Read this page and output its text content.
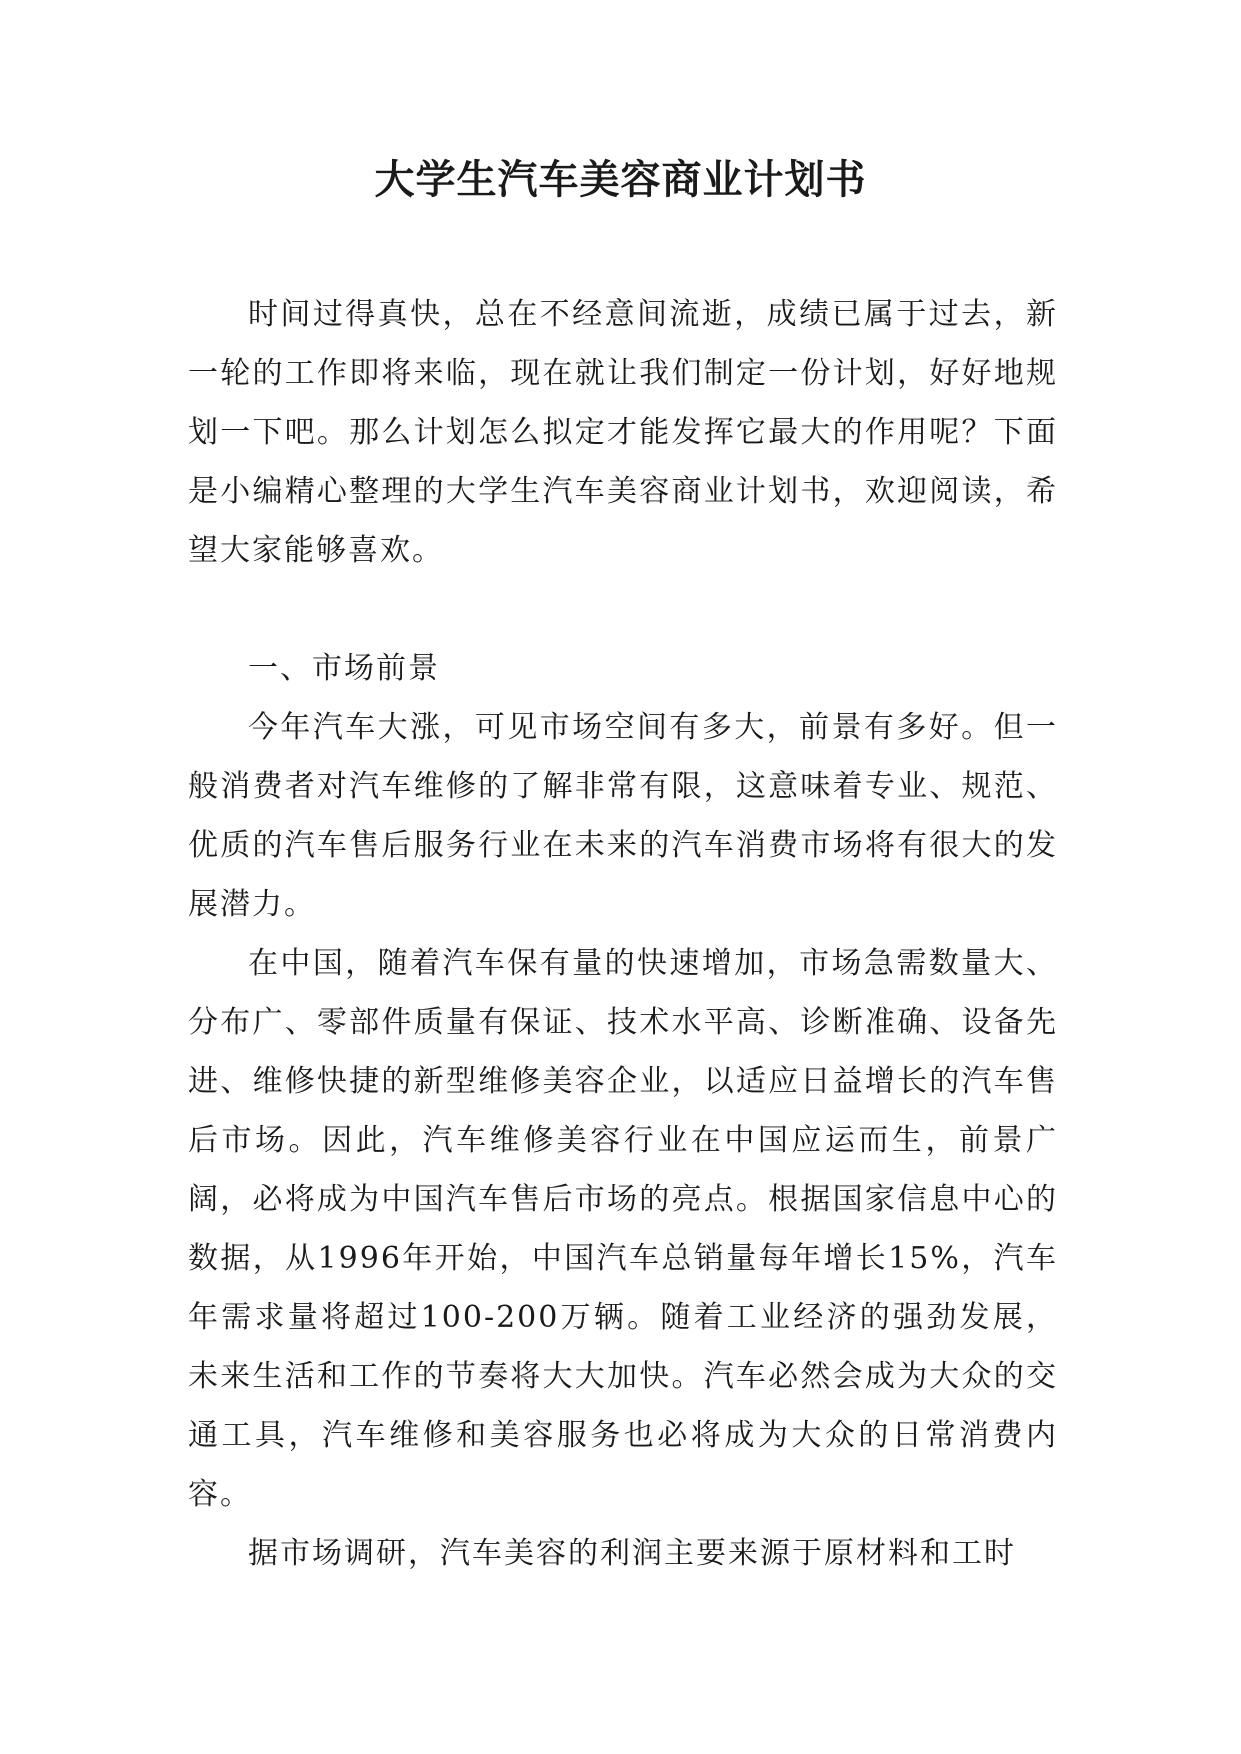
大学生汽车美容商业计划书

时间过得真快，总在不经意间流逝，成绩已属于过去，新一轮的工作即将来临，现在就让我们制定一份计划，好好地规划一下吧。那么计划怎么拟定才能发挥它最大的作用呢？下面是小编精心整理的大学生汽车美容商业计划书，欢迎阅读，希望大家能够喜欢。

一、市场前景

今年汽车大涨，可见市场空间有多大，前景有多好。但一般消费者对汽车维修的了解非常有限，这意味着专业、规范、优质的汽车售后服务行业在未来的汽车消费市场将有很大的发展潜力。

在中国，随着汽车保有量的快速增加，市场急需数量大、分布广、零部件质量有保证、技术水平高、诊断准确、设备先进、维修快捷的新型维修美容企业，以适应日益增长的汽车售后市场。因此，汽车维修美容行业在中国应运而生，前景广阔，必将成为中国汽车售后市场的亮点。根据国家信息中心的数据，从1996年开始，中国汽车总销量每年增长15%，汽车年需求量将超过100-200万辆。随着工业经济的强劲发展，未来生活和工作的节奏将大大加快。汽车必然会成为大众的交通工具，汽车维修和美容服务也必将成为大众的日常消费内容。

据市场调研，汽车美容的利润主要来源于原材料和工时
